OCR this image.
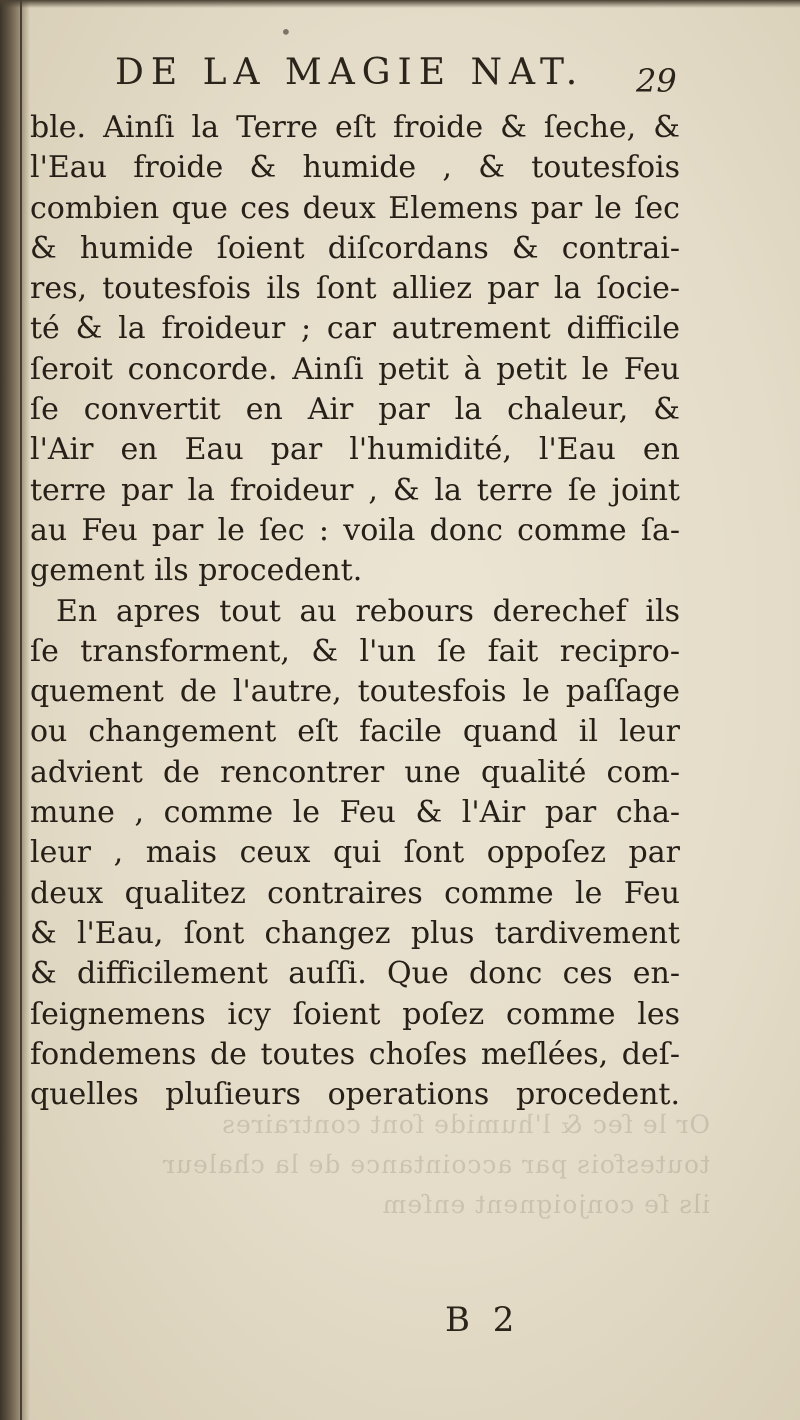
•
DE LA MAGIE NAT.	29
ble. Ainſi la Terre eſt froide & ſeche, &
l'Eau froide & humide , & toutesfois
combien que ces deux Elemens par le ſec
& humide ſoient diſcordans & contrai-
res, toutesfois ils ſont alliez par la ſocie-
té & la froideur ; car autrement difficile
ſeroit concorde. Ainſi petit à petit le Feu
ſe convertit en Air par la chaleur, &
l'Air en Eau par l'humidité, l'Eau en
terre par la froideur , & la terre ſe joint
au Feu par le ſec : voila donc comme ſa-
gement ils procedent.
En apres tout au rebours derechef ils
ſe transforment, & l'un ſe fait recipro-
quement de l'autre, toutesfois le paſſage
ou changement eſt facile quand il leur
advient de rencontrer une qualité com-
mune , comme le Feu & l'Air par cha-
leur , mais ceux qui ſont oppoſez par
deux qualitez contraires comme le Feu
& l'Eau, ſont changez plus tardivement
& difficilement auſſi. Que donc ces en-
ſeignemens icy ſoient poſez comme les
fondemens de toutes choſes meſlées, deſ-
quelles pluſieurs operations procedent.
Or le ſec & l'humide ſont contraires
toutesfois par accointance de la chaleur
ils ſe conjoignent enſem
B 2
